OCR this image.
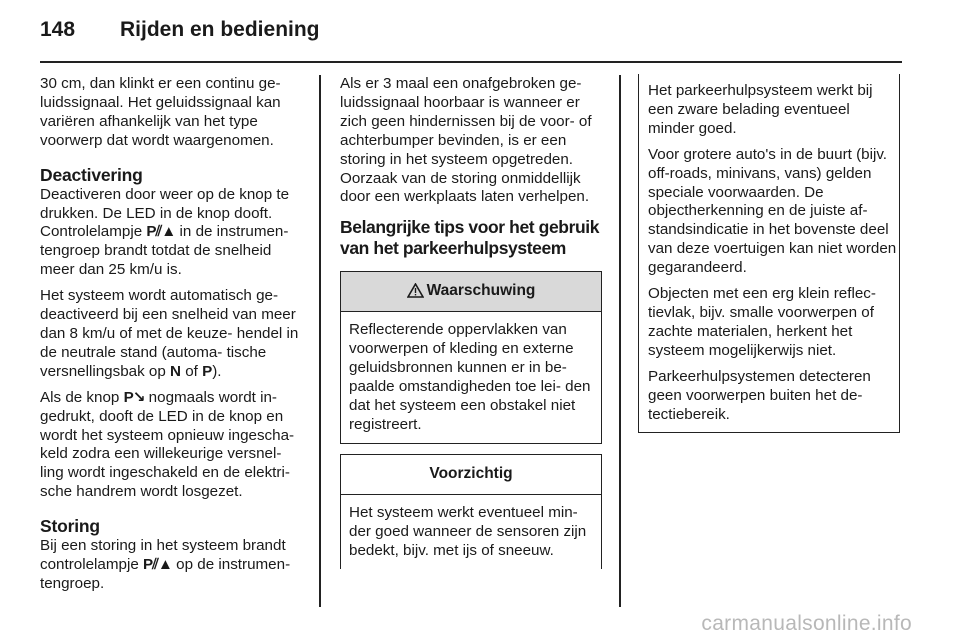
148	Rijden en bediening

30 cm, dan klinkt er een continu ge- luidssignaal. Het geluidssignaal kan variëren afhankelijk van het type voorwerp dat wordt waargenomen.

Deactivering

Deactiveren door weer op de knop te drukken. De LED in de knop dooft. Controlelampje P⫽▲ in de instrumen- tengroep brandt totdat de snelheid meer dan 25 km/u is.

Het systeem wordt automatisch ge- deactiveerd bij een snelheid van meer dan 8 km/u of met de keuze- hendel in de neutrale stand (automa- tische versnellingsbak op N of P).

Als de knop P↘ nogmaals wordt in- gedrukt, dooft de LED in de knop en wordt het systeem opnieuw ingescha- keld zodra een willekeurige versnel- ling wordt ingeschakeld en de elektri- sche handrem wordt losgezet.

Storing

Bij een storing in het systeem brandt controlelampje P⫽▲ op de instrumen- tengroep.

Als er 3 maal een onafgebroken ge- luidssignaal hoorbaar is wanneer er zich geen hindernissen bij de voor- of achterbumper bevinden, is er een storing in het systeem opgetreden. Oorzaak van de storing onmiddellijk door een werkplaats laten verhelpen.

Belangrijke tips voor het gebruik van het parkeerhulpsysteem
Waarschuwing

Reflecterende oppervlakken van voorwerpen of kleding en externe geluidsbronnen kunnen er in be- paalde omstandigheden toe lei- den dat het systeem een obstakel niet registreert.

Voorzichtig

Het systeem werkt eventueel min- der goed wanneer de sensoren zijn bedekt, bijv. met ijs of sneeuw.

Het parkeerhulpsysteem werkt bij een zware belading eventueel minder goed.

Voor grotere auto's in de buurt (bijv. off-roads, minivans, vans) gelden speciale voorwaarden. De objectherkenning en de juiste af- standsindicatie in het bovenste deel van deze voertuigen kan niet worden gegarandeerd.

Objecten met een erg klein reflec- tievlak, bijv. smalle voorwerpen of zachte materialen, herkent het systeem mogelijkerwijs niet.

Parkeerhulpsystemen detecteren geen voorwerpen buiten het de- tectiebereik.

carmanualsonline.info
